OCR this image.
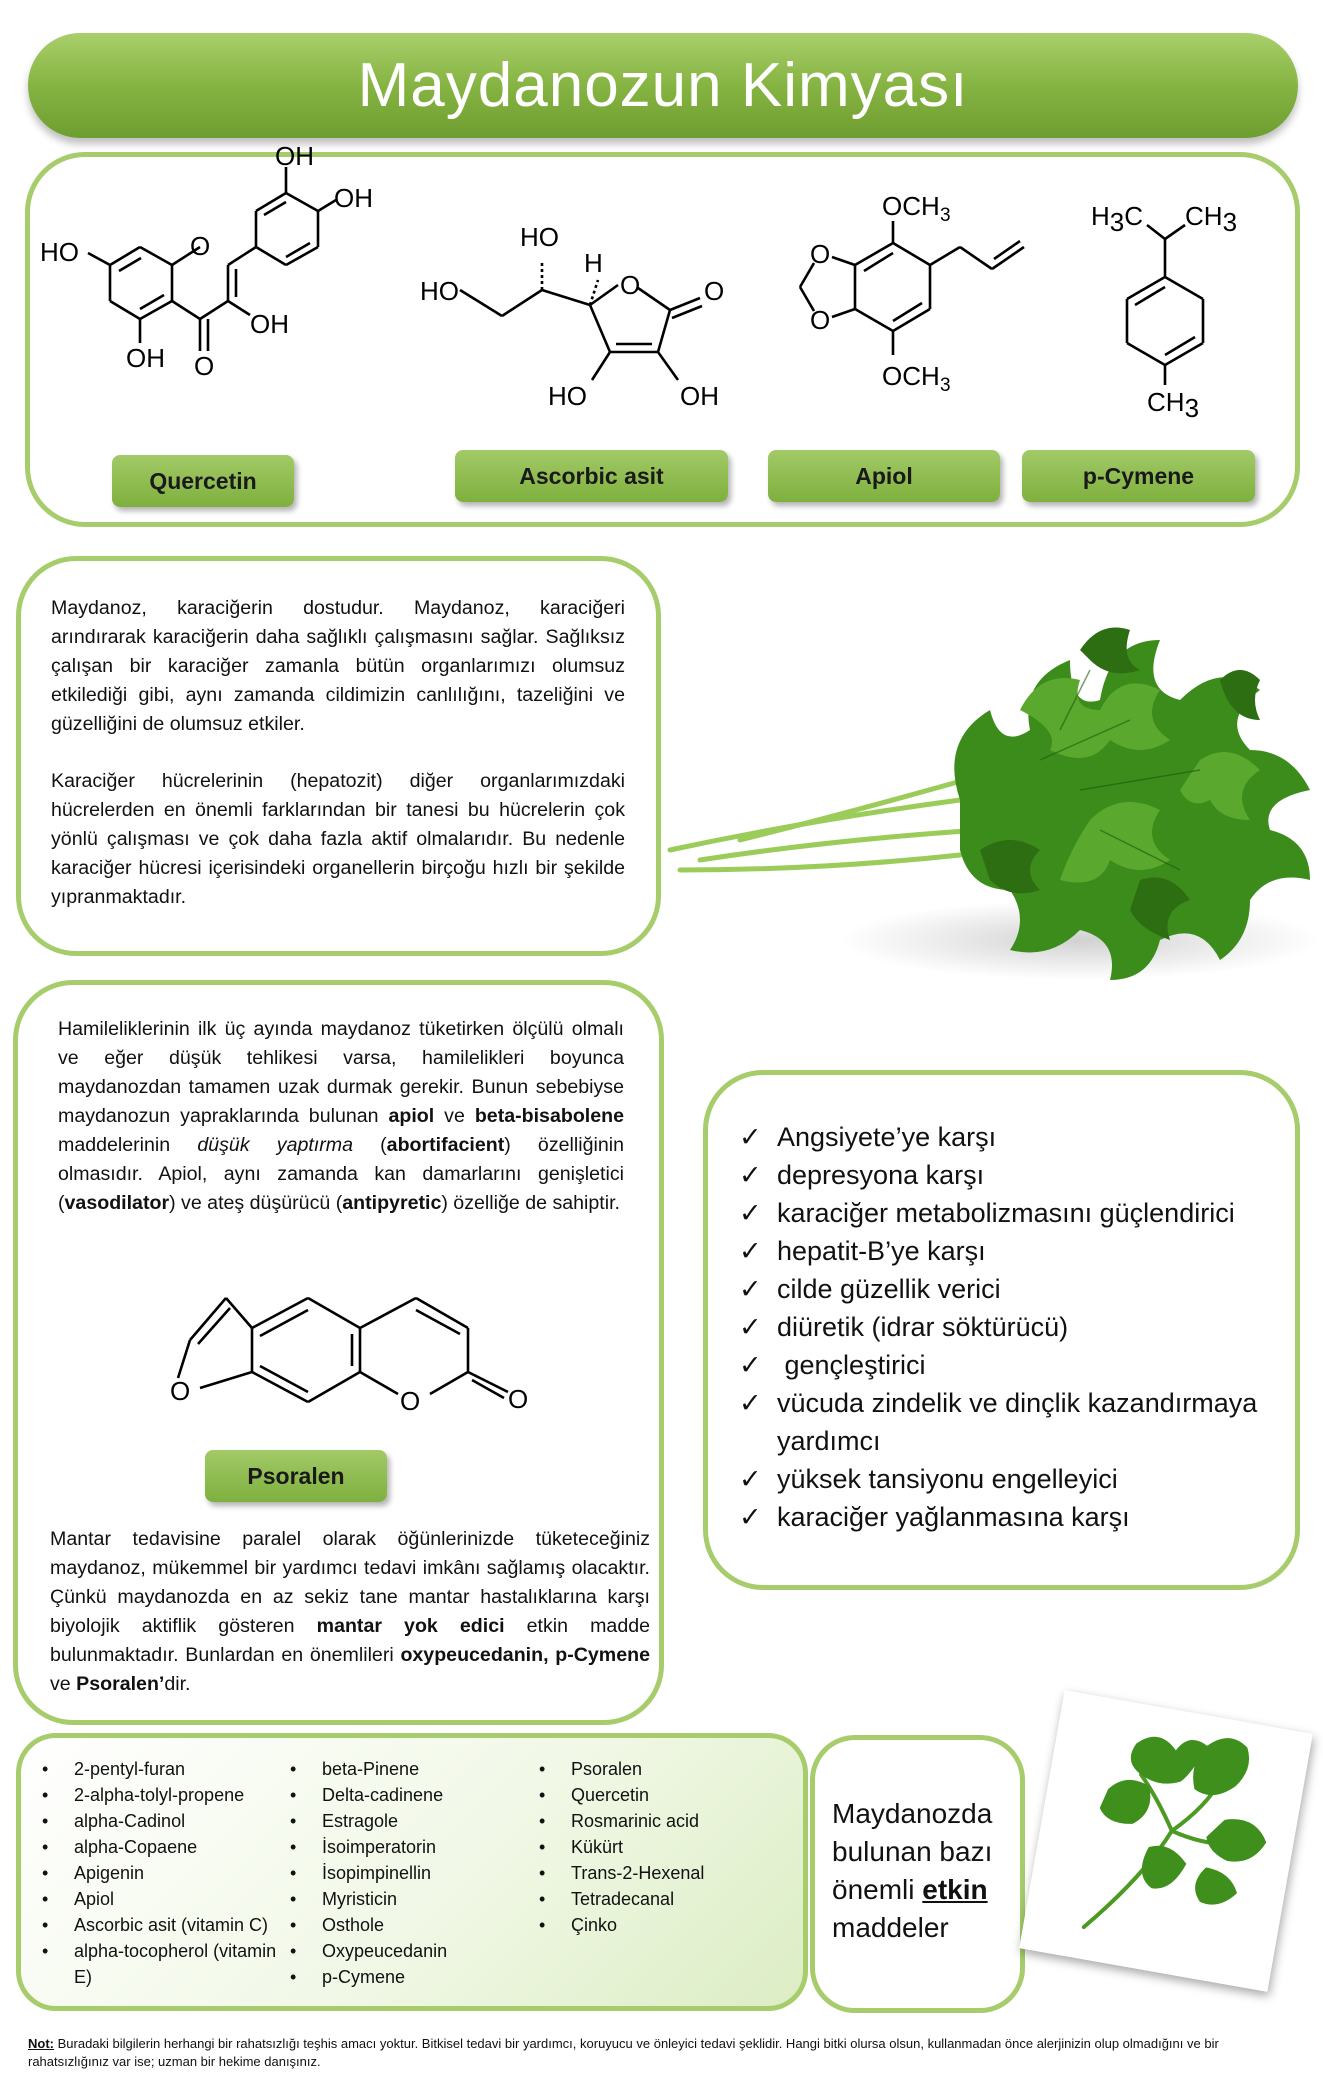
Maydanozun Kimyası
O
OH
OH
HO
OH
OH O
HO
H
HO	O O
HO	OH
OCH 3
OCH 3
O
O
H3C CH3
CH3
Quercetin	Ascorbic asit	Apiol	p-Cymene

Maydanoz, karaciğerin dostudur. Maydanoz, karaciğeri arındırarak karaciğerin daha sağlıklı çalışmasını sağlar. Sağlıksız çalışan bir karaciğer zamanla bütün organlarımızı olumsuz etkilediği gibi, aynı zamanda cildimizin canlılığını, tazeliğini ve güzelliğini de olumsuz etkiler.

Karaciğer hücrelerinin (hepatozit) diğer organlarımızdaki hücrelerden en önemli farklarından bir tanesi bu hücrelerin çok yönlü çalışması ve çok daha fazla aktif olmalarıdır. Bu nedenle karaciğer hücresi içerisindeki organellerin birçoğu hızlı bir şekilde yıpranmaktadır.

Hamileliklerinin ilk üç ayında maydanoz tüketirken ölçülü olmalı ve eğer düşük tehlikesi varsa, hamilelikleri boyunca maydanozdan tamamen uzak durmak gerekir. Bunun sebebiyse maydanozun yapraklarında bulunan apiol ve beta-bisabolene maddelerinin düşük yaptırma (abortifacient) özelliğinin olmasıdır. Apiol, aynı zamanda kan damarlarını genişletici (vasodilator) ve ateş düşürücü (antipyretic) özelliğe de sahiptir.

O	O	O
Psoralen

Mantar tedavisine paralel olarak öğünlerinizde tüketeceğiniz maydanoz, mükemmel bir yardımcı tedavi imkânı sağlamış olacaktır. Çünkü maydanozda en az sekiz tane mantar hastalıklarına karşı biyolojik aktiflik gösteren mantar yok edici etkin madde bulunmaktadır. Bunlardan en önemlileri oxypeucedanin, p-Cymene ve Psoralen’dir.

✓ Angsiyete’ye karşı
✓ depresyona karşı
✓ karaciğer metabolizmasını güçlendirici
✓ hepatit-B’ye karşı
✓ cilde güzellik verici
✓ diüretik (idrar söktürücü)
✓ gençleştirici
✓ vücuda zindelik ve dinçlik kazandırmaya yardımcı
✓ yüksek tansiyonu engelleyici
✓ karaciğer yağlanmasına karşı
• 2-pentyl-furan
• 2-alpha-tolyl-propene
• alpha-Cadinol
• alpha-Copaene
• Apigenin
• Apiol
• Ascorbic asit (vitamin C)
• alpha-tocopherol (vitamin E)
• beta-Pinene
• Delta-cadinene
• Estragole
• İsoimperatorin
• İsopimpinellin
• Myristicin
• Osthole
• Oxypeucedanin
• p-Cymene
• Psoralen
• Quercetin
• Rosmarinic acid
• Kükürt
• Trans-2-Hexenal
• Tetradecanal
• Çinko
Maydanozda bulunan bazı önemli etkin maddeler
Not: Buradaki bilgilerin herhangi bir rahatsızlığı teşhis amacı yoktur. Bitkisel tedavi bir yardımcı, koruyucu ve önleyici tedavi şeklidir. Hangi bitki olursa olsun, kullanmadan önce alerjinizin olup olmadığını ve bir rahatsızlığınız var ise; uzman bir hekime danışınız.
